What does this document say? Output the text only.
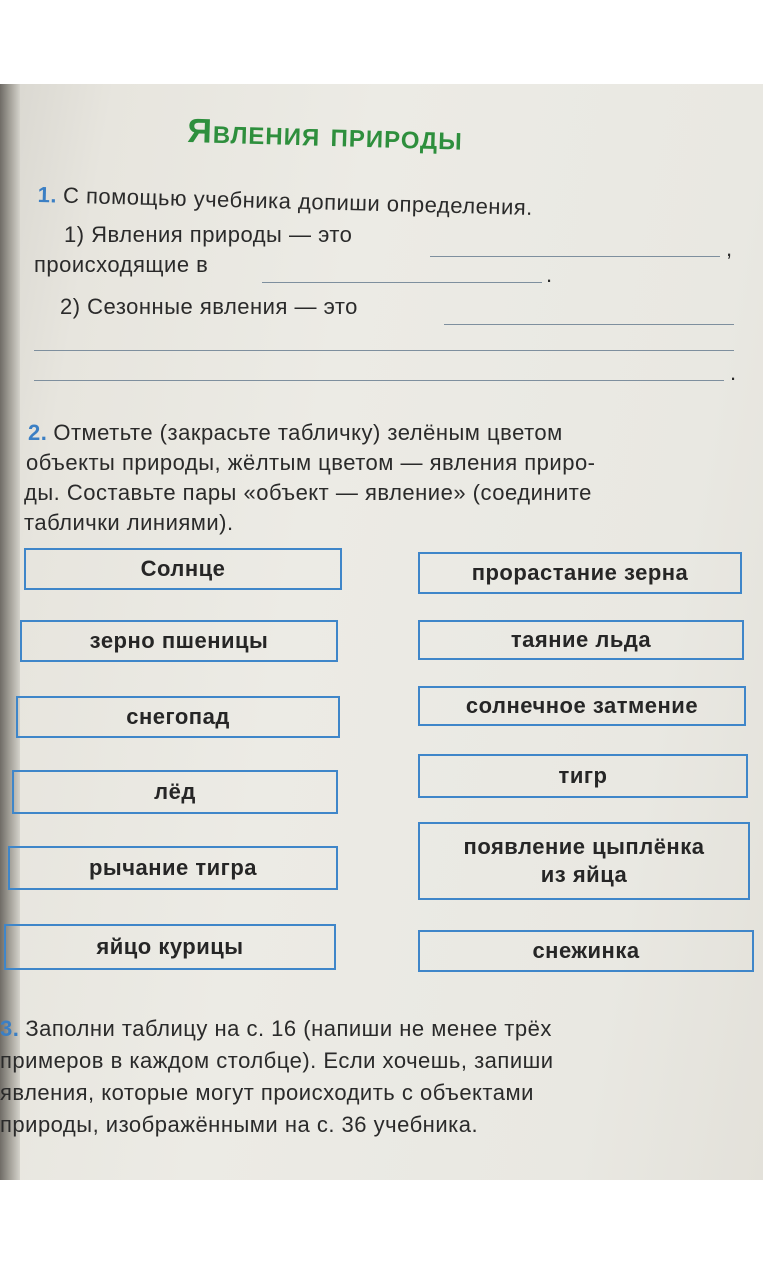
Явления природы
1. С помощью учебника допиши определения.
1) Явления природы — это
,
происходящие в	.
2) Сезонные явления — это
.
2. Отметьте (закрасьте табличку) зелёным цветом
объекты природы, жёлтым цветом — явления приро-
ды. Составьте пары «объект — явление» (соедините
таблички линиями).
Солнце
зерно пшеницы
снегопад
лёд
рычание тигра
яйцо курицы
прорастание зерна
таяние льда
солнечное затмение
тигр
появление цыплёнка из яйца
снежинка
3. Заполни таблицу на с. 16 (напиши не менее трёх
примеров в каждом столбце). Если хочешь, запиши
явления, которые могут происходить с объектами
природы, изображёнными на с. 36 учебника.
